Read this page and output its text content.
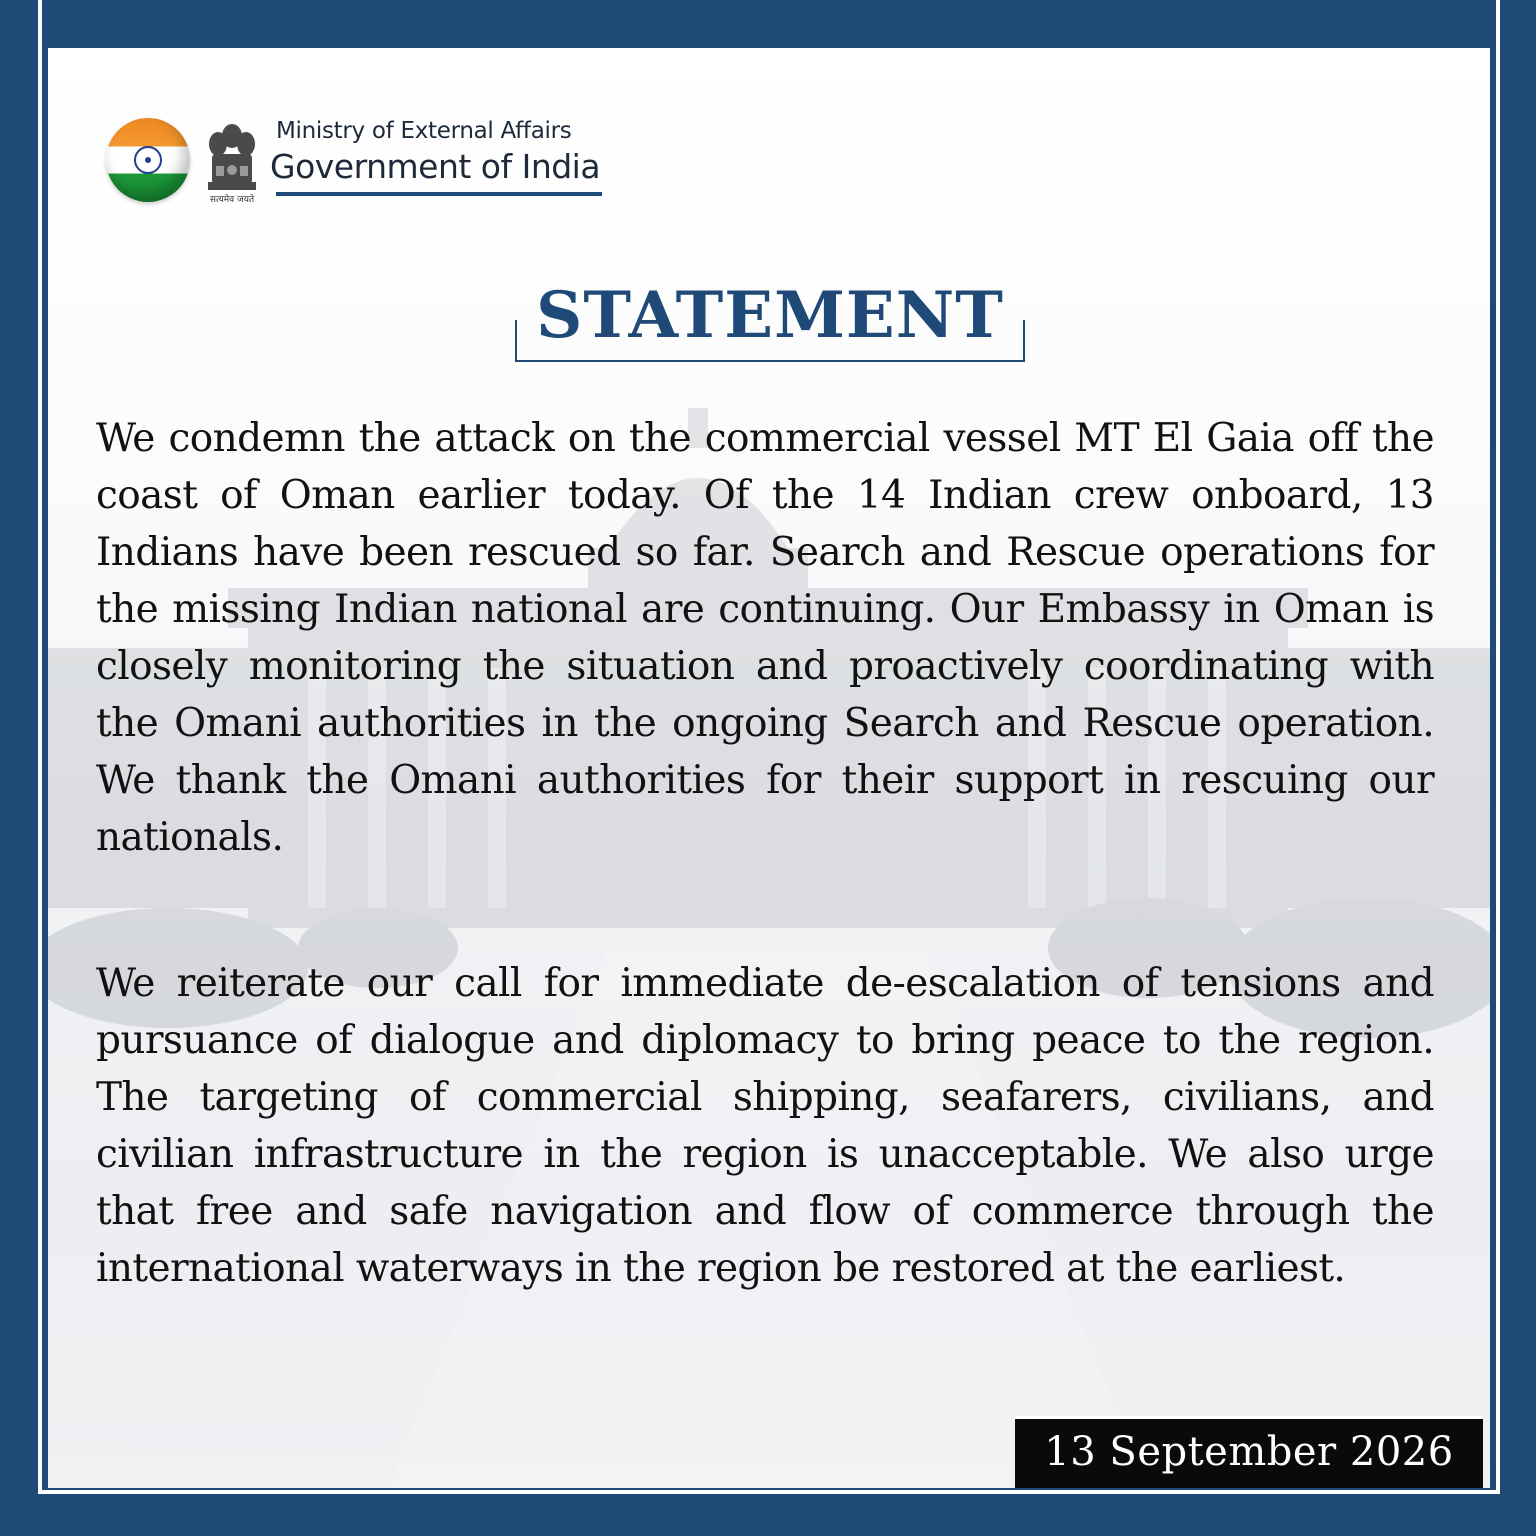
सत्यमेव जयते
Ministry of External Affairs
Government of India
STATEMENT

We condemn the attack on the commercial vessel MT El Gaia off the coast of Oman earlier today. Of the 14 Indian crew onboard, 13 Indians have been rescued so far. Search and Rescue operations for the missing Indian national are continuing. Our Embassy in Oman is closely monitoring the situation and proactively coordinating with the Omani authorities in the ongoing Search and Rescue operation. We thank the Omani authorities for their support in rescuing our nationals.

We reiterate our call for immediate de-escalation of tensions and pursuance of dialogue and diplomacy to bring peace to the region. The targeting of commercial shipping, seafarers, civilians, and civilian infrastructure in the region is unacceptable. We also urge that free and safe navigation and flow of commerce through the international waterways in the region be restored at the earliest.

13 September 2026
